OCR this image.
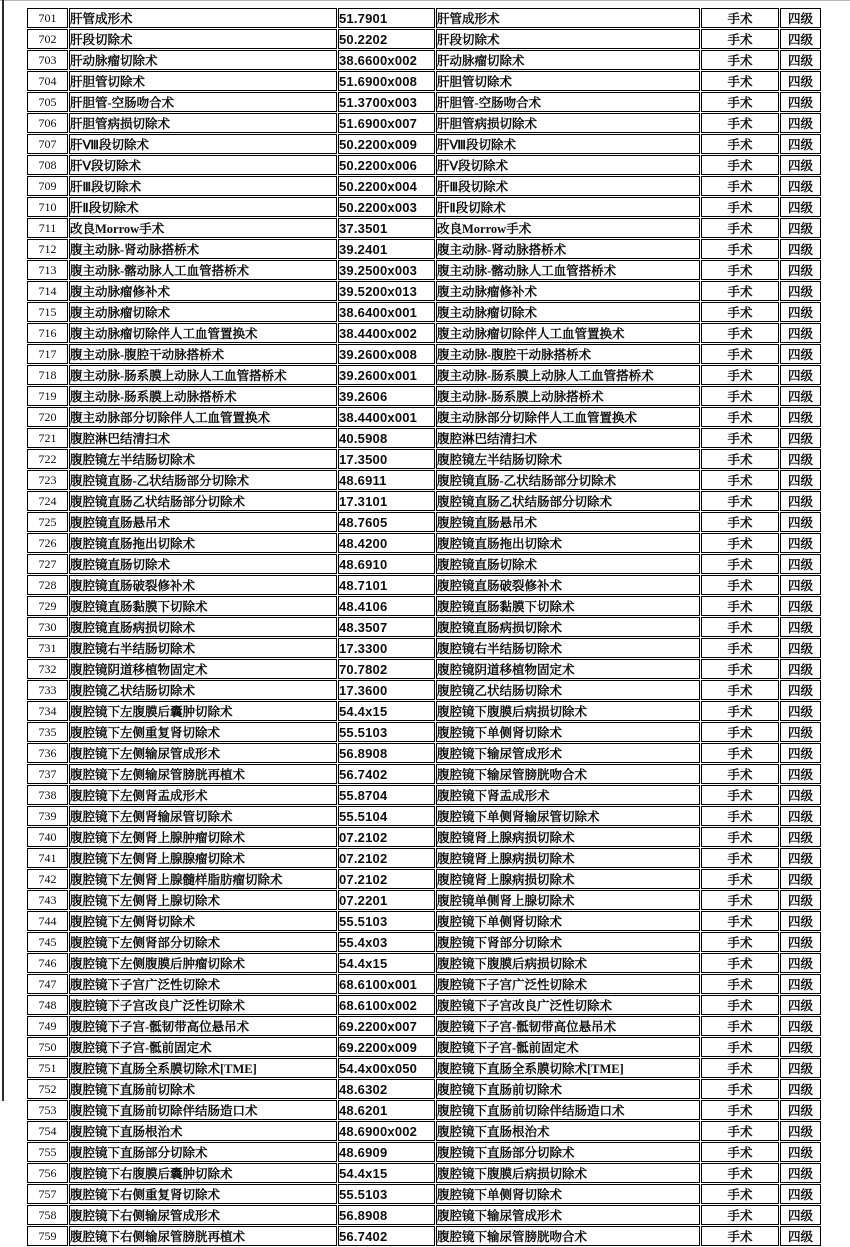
701	肝管成形术	51.7901	肝管成形术	手术	四级
702	肝段切除术	50.2202	肝段切除术	手术	四级
703	肝动脉瘤切除术	38.6600x002	肝动脉瘤切除术	手术	四级
704	肝胆管切除术	51.6900x008	肝胆管切除术	手术	四级
705	肝胆管-空肠吻合术	51.3700x003	肝胆管-空肠吻合术	手术	四级
706	肝胆管病损切除术	51.6900x007	肝胆管病损切除术	手术	四级
707	肝Ⅷ段切除术	50.2200x009	肝Ⅷ段切除术	手术	四级
708	肝Ⅴ段切除术	50.2200x006	肝Ⅴ段切除术	手术	四级
709	肝Ⅲ段切除术	50.2200x004	肝Ⅲ段切除术	手术	四级
710	肝Ⅱ段切除术	50.2200x003	肝Ⅱ段切除术	手术	四级
711	改良Morrow手术	37.3501	改良Morrow手术	手术	四级
712	腹主动脉-肾动脉搭桥术	39.2401	腹主动脉-肾动脉搭桥术	手术	四级
713	腹主动脉-髂动脉人工血管搭桥术	39.2500x003	腹主动脉-髂动脉人工血管搭桥术	手术	四级
714	腹主动脉瘤修补术	39.5200x013	腹主动脉瘤修补术	手术	四级
715	腹主动脉瘤切除术	38.6400x001	腹主动脉瘤切除术	手术	四级
716	腹主动脉瘤切除伴人工血管置换术	38.4400x002	腹主动脉瘤切除伴人工血管置换术	手术	四级
717	腹主动脉-腹腔干动脉搭桥术	39.2600x008	腹主动脉-腹腔干动脉搭桥术	手术	四级
718	腹主动脉-肠系膜上动脉人工血管搭桥术	39.2600x001	腹主动脉-肠系膜上动脉人工血管搭桥术	手术	四级
719	腹主动脉-肠系膜上动脉搭桥术	39.2606	腹主动脉-肠系膜上动脉搭桥术	手术	四级
720	腹主动脉部分切除伴人工血管置换术	38.4400x001	腹主动脉部分切除伴人工血管置换术	手术	四级
721	腹腔淋巴结清扫术	40.5908	腹腔淋巴结清扫术	手术	四级
722	腹腔镜左半结肠切除术	17.3500	腹腔镜左半结肠切除术	手术	四级
723	腹腔镜直肠-乙状结肠部分切除术	48.6911	腹腔镜直肠-乙状结肠部分切除术	手术	四级
724	腹腔镜直肠乙状结肠部分切除术	17.3101	腹腔镜直肠乙状结肠部分切除术	手术	四级
725	腹腔镜直肠悬吊术	48.7605	腹腔镜直肠悬吊术	手术	四级
726	腹腔镜直肠拖出切除术	48.4200	腹腔镜直肠拖出切除术	手术	四级
727	腹腔镜直肠切除术	48.6910	腹腔镜直肠切除术	手术	四级
728	腹腔镜直肠破裂修补术	48.7101	腹腔镜直肠破裂修补术	手术	四级
729	腹腔镜直肠黏膜下切除术	48.4106	腹腔镜直肠黏膜下切除术	手术	四级
730	腹腔镜直肠病损切除术	48.3507	腹腔镜直肠病损切除术	手术	四级
731	腹腔镜右半结肠切除术	17.3300	腹腔镜右半结肠切除术	手术	四级
732	腹腔镜阴道移植物固定术	70.7802	腹腔镜阴道移植物固定术	手术	四级
733	腹腔镜乙状结肠切除术	17.3600	腹腔镜乙状结肠切除术	手术	四级
734	腹腔镜下左腹膜后囊肿切除术	54.4x15	腹腔镜下腹膜后病损切除术	手术	四级
735	腹腔镜下左侧重复肾切除术	55.5103	腹腔镜下单侧肾切除术	手术	四级
736	腹腔镜下左侧输尿管成形术	56.8908	腹腔镜下输尿管成形术	手术	四级
737	腹腔镜下左侧输尿管膀胱再植术	56.7402	腹腔镜下输尿管膀胱吻合术	手术	四级
738	腹腔镜下左侧肾盂成形术	55.8704	腹腔镜下肾盂成形术	手术	四级
739	腹腔镜下左侧肾输尿管切除术	55.5104	腹腔镜下单侧肾输尿管切除术	手术	四级
740	腹腔镜下左侧肾上腺肿瘤切除术	07.2102	腹腔镜肾上腺病损切除术	手术	四级
741	腹腔镜下左侧肾上腺腺瘤切除术	07.2102	腹腔镜肾上腺病损切除术	手术	四级
742	腹腔镜下左侧肾上腺髓样脂肪瘤切除术	07.2102	腹腔镜肾上腺病损切除术	手术	四级
743	腹腔镜下左侧肾上腺切除术	07.2201	腹腔镜单侧肾上腺切除术	手术	四级
744	腹腔镜下左侧肾切除术	55.5103	腹腔镜下单侧肾切除术	手术	四级
745	腹腔镜下左侧肾部分切除术	55.4x03	腹腔镜下肾部分切除术	手术	四级
746	腹腔镜下左侧腹膜后肿瘤切除术	54.4x15	腹腔镜下腹膜后病损切除术	手术	四级
747	腹腔镜下子宫广泛性切除术	68.6100x001	腹腔镜下子宫广泛性切除术	手术	四级
748	腹腔镜下子宫改良广泛性切除术	68.6100x002	腹腔镜下子宫改良广泛性切除术	手术	四级
749	腹腔镜下子宫-骶韧带高位悬吊术	69.2200x007	腹腔镜下子宫-骶韧带高位悬吊术	手术	四级
750	腹腔镜下子宫-骶前固定术	69.2200x009	腹腔镜下子宫-骶前固定术	手术	四级
751	腹腔镜下直肠全系膜切除术[TME]	54.4x00x050	腹腔镜下直肠全系膜切除术[TME]	手术	四级
752	腹腔镜下直肠前切除术	48.6302	腹腔镜下直肠前切除术	手术	四级
753	腹腔镜下直肠前切除伴结肠造口术	48.6201	腹腔镜下直肠前切除伴结肠造口术	手术	四级
754	腹腔镜下直肠根治术	48.6900x002	腹腔镜下直肠根治术	手术	四级
755	腹腔镜下直肠部分切除术	48.6909	腹腔镜下直肠部分切除术	手术	四级
756	腹腔镜下右腹膜后囊肿切除术	54.4x15	腹腔镜下腹膜后病损切除术	手术	四级
757	腹腔镜下右侧重复肾切除术	55.5103	腹腔镜下单侧肾切除术	手术	四级
758	腹腔镜下右侧输尿管成形术	56.8908	腹腔镜下输尿管成形术	手术	四级
759	腹腔镜下右侧输尿管膀胱再植术	56.7402	腹腔镜下输尿管膀胱吻合术	手术	四级
